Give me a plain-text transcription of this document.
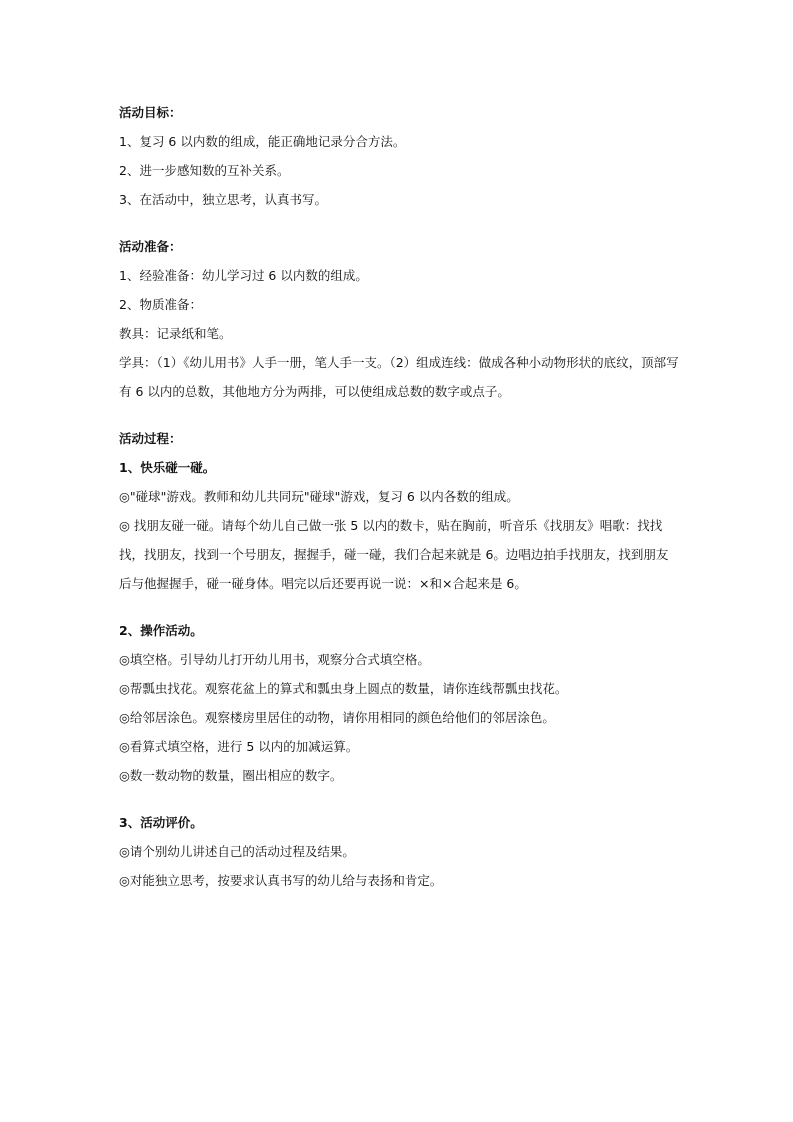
活动目标：
1、复习 6 以内数的组成，能正确地记录分合方法。
2、进一步感知数的互补关系。
3、在活动中，独立思考，认真书写。
活动准备：
1、经验准备：幼儿学习过 6 以内数的组成。
2、物质准备：
教具：记录纸和笔。
学具：（1）《幼儿用书》人手一册，笔人手一支。（2）组成连线：做成各种小动物形状的底纹，顶部写有 6 以内的总数，其他地方分为两排，可以使组成总数的数字或点子。
活动过程：
1、快乐碰一碰。
◎"碰球"游戏。教师和幼儿共同玩"碰球"游戏，复习 6 以内各数的组成。
◎ 找朋友碰一碰。请每个幼儿自己做一张 5 以内的数卡，贴在胸前，听音乐《找朋友》唱歌：找找找，找朋友，找到一个号朋友，握握手，碰一碰，我们合起来就是 6。边唱边拍手找朋友，找到朋友后与他握握手，碰一碰身体。唱完以后还要再说一说：×和×合起来是 6。
2、操作活动。
◎填空格。引导幼儿打开幼儿用书，观察分合式填空格。
◎帮瓢虫找花。观察花盆上的算式和瓢虫身上圆点的数量，请你连线帮瓢虫找花。
◎给邻居涂色。观察楼房里居住的动物，请你用相同的颜色给他们的邻居涂色。
◎看算式填空格，进行 5 以内的加减运算。
◎数一数动物的数量，圈出相应的数字。
3、活动评价。
◎请个别幼儿讲述自己的活动过程及结果。
◎对能独立思考，按要求认真书写的幼儿给与表扬和肯定。
